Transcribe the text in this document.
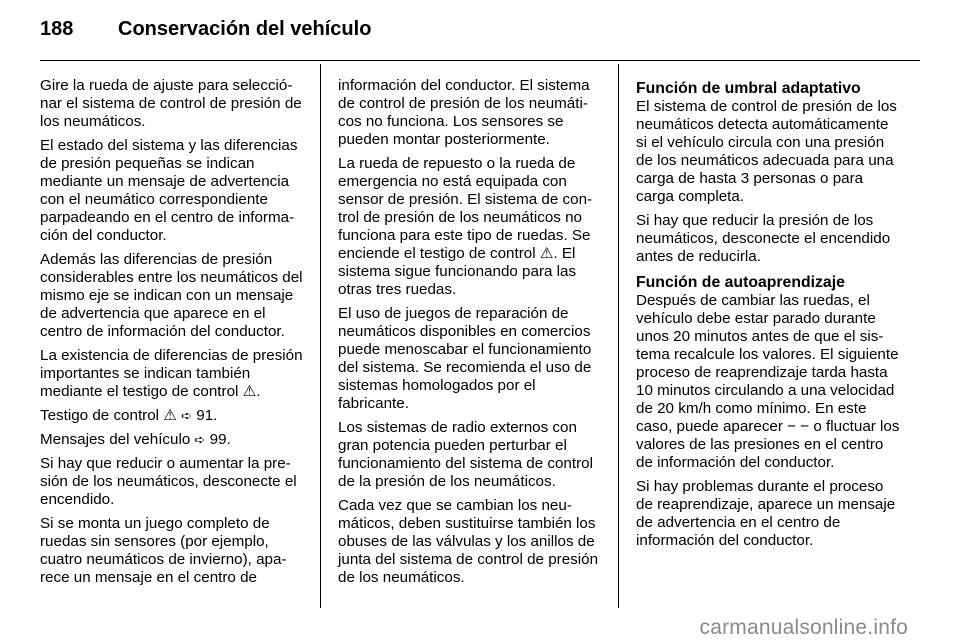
188	Conservación del vehículo

Gire la rueda de ajuste para selecciónar el sistema de control de presión de los neumáticos.

El estado del sistema y las diferencias de presión pequeñas se indican mediante un mensaje de advertencia con el neumático correspondiente parpadeando en el centro de información del conductor.

Además las diferencias de presión considerables entre los neumáticos del mismo eje se indican con un mensaje de advertencia que aparece en el centro de información del conductor.

La existencia de diferencias de presión importantes se indican también mediante el testigo de control ⚠.

Testigo de control ⚠ ➪ 91.

Mensajes del vehículo ➪ 99.

Si hay que reducir o aumentar la presión de los neumáticos, desconecte el encendido.

Si se monta un juego completo de ruedas sin sensores (por ejemplo, cuatro neumáticos de invierno), aparece un mensaje en el centro de

información del conductor. El sistema de control de presión de los neumáticos no funciona. Los sensores se pueden montar posteriormente.

La rueda de repuesto o la rueda de emergencia no está equipada con sensor de presión. El sistema de control de presión de los neumáticos no funciona para este tipo de ruedas. Se enciende el testigo de control ⚠. El sistema sigue funcionando para las otras tres ruedas.

El uso de juegos de reparación de neumáticos disponibles en comercios puede menoscabar el funcionamiento del sistema. Se recomienda el uso de sistemas homologados por el fabricante.

Los sistemas de radio externos con gran potencia pueden perturbar el funcionamiento del sistema de control de la presión de los neumáticos.

Cada vez que se cambian los neumáticos, deben sustituirse también los obuses de las válvulas y los anillos de junta del sistema de control de presión de los neumáticos.

Función de umbral adaptativo

El sistema de control de presión de los neumáticos detecta automáticamente si el vehículo circula con una presión de los neumáticos adecuada para una carga de hasta 3 personas o para carga completa.

Si hay que reducir la presión de los neumáticos, desconecte el encendido antes de reducirla.

Función de autoaprendizaje

Después de cambiar las ruedas, el vehículo debe estar parado durante unos 20 minutos antes de que el sistema recalcule los valores. El siguiente proceso de reaprendizaje tarda hasta 10 minutos circulando a una velocidad de 20 km/h como mínimo. En este caso, puede aparecer − − o fluctuar los valores de las presiones en el centro de información del conductor.

Si hay problemas durante el proceso de reaprendizaje, aparece un mensaje de advertencia en el centro de información del conductor.

carmanualsonline.info
